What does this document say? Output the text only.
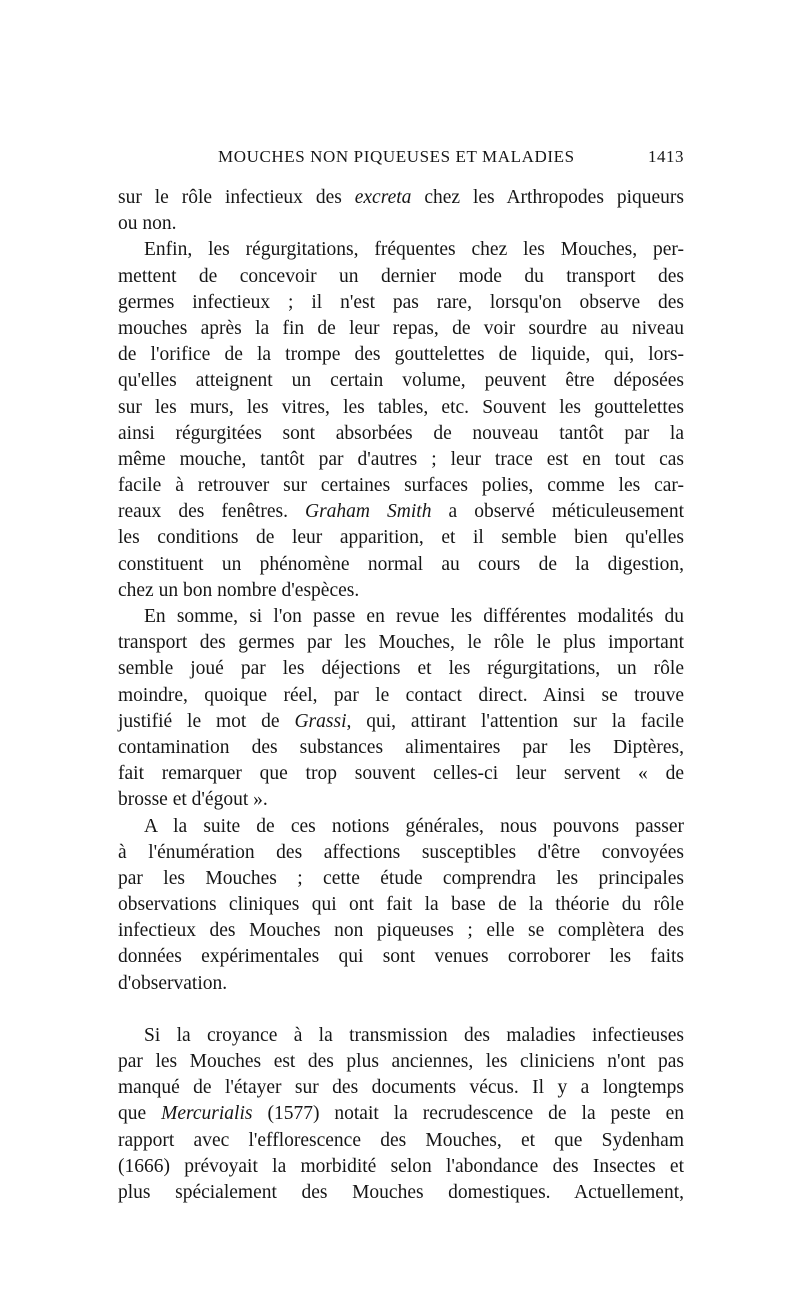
MOUCHES NON PIQUEUSES ET MALADIES	1413
sur le rôle infectieux des excreta chez les Arthropodes piqueurs
ou non.
Enfin, les régurgitations, fréquentes chez les Mouches, per-
mettent de concevoir un dernier mode du transport des
germes infectieux ; il n'est pas rare, lorsqu'on observe des
mouches après la fin de leur repas, de voir sourdre au niveau
de l'orifice de la trompe des gouttelettes de liquide, qui, lors-
qu'elles atteignent un certain volume, peuvent être déposées
sur les murs, les vitres, les tables, etc. Souvent les gouttelettes
ainsi régurgitées sont absorbées de nouveau tantôt par la
même mouche, tantôt par d'autres ; leur trace est en tout cas
facile à retrouver sur certaines surfaces polies, comme les car-
reaux des fenêtres. Graham Smith a observé méticuleusement
les conditions de leur apparition, et il semble bien qu'elles
constituent un phénomène normal au cours de la digestion,
chez un bon nombre d'espèces.
En somme, si l'on passe en revue les différentes modalités du
transport des germes par les Mouches, le rôle le plus important
semble joué par les déjections et les régurgitations, un rôle
moindre, quoique réel, par le contact direct. Ainsi se trouve
justifié le mot de Grassi, qui, attirant l'attention sur la facile
contamination des substances alimentaires par les Diptères,
fait remarquer que trop souvent celles-ci leur servent « de
brosse et d'égout ».
A la suite de ces notions générales, nous pouvons passer
à l'énumération des affections susceptibles d'être convoyées
par les Mouches ; cette étude comprendra les principales
observations cliniques qui ont fait la base de la théorie du rôle
infectieux des Mouches non piqueuses ; elle se complètera des
données expérimentales qui sont venues corroborer les faits
d'observation.
Si la croyance à la transmission des maladies infectieuses
par les Mouches est des plus anciennes, les cliniciens n'ont pas
manqué de l'étayer sur des documents vécus. Il y a longtemps
que Mercurialis (1577) notait la recrudescence de la peste en
rapport avec l'efflorescence des Mouches, et que Sydenham
(1666) prévoyait la morbidité selon l'abondance des Insectes et
plus spécialement des Mouches domestiques. Actuellement,
